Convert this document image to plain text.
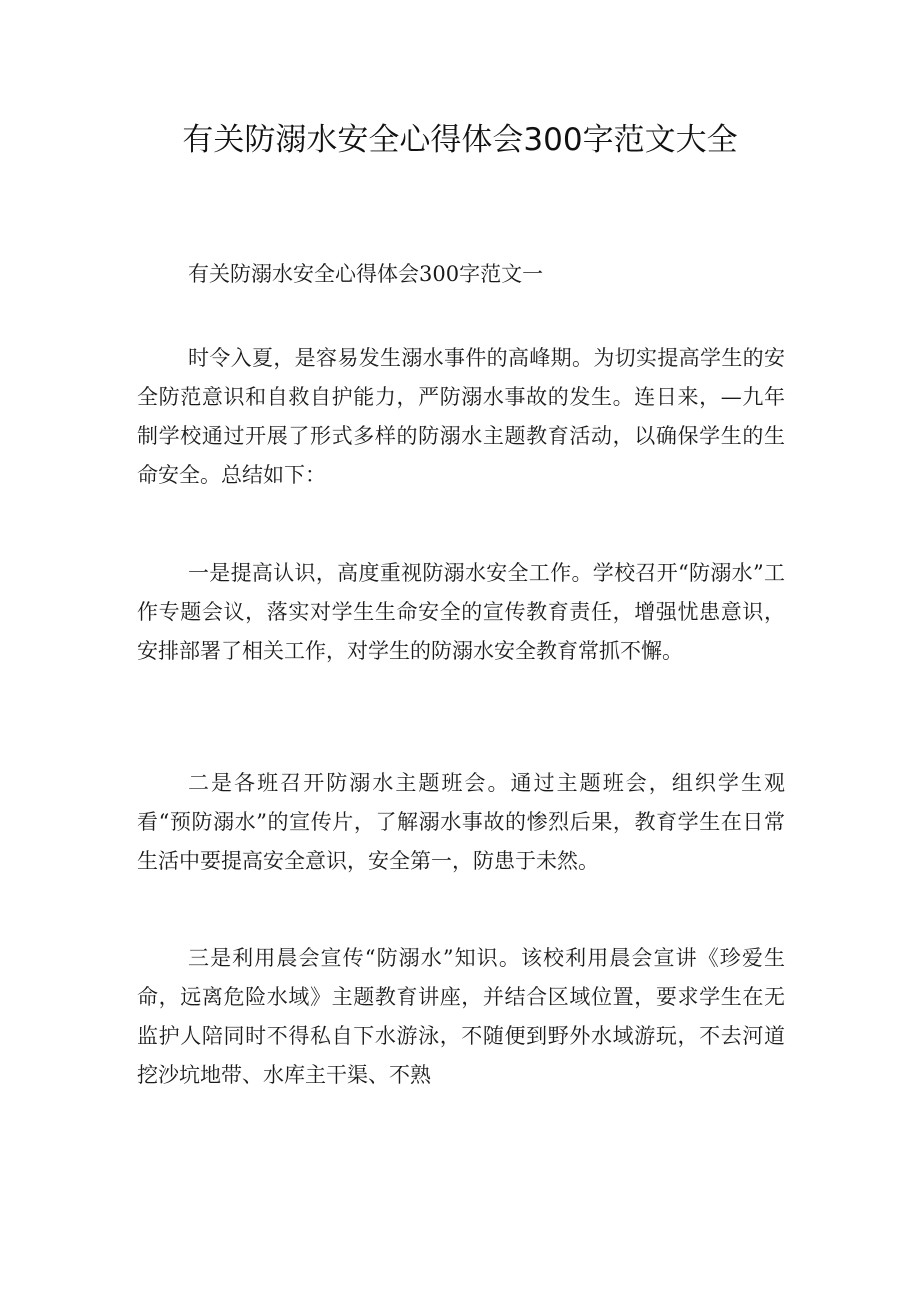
有关防溺水安全心得体会300字范文大全
有关防溺水安全心得体会300字范文一

时令入夏，是容易发生溺水事件的高峰期。为切实提高学生的安全防范意识和自救自护能力，严防溺水事故的发生。连日来，—九年制学校通过开展了形式多样的防溺水主题教育活动，以确保学生的生命安全。总结如下：

一是提高认识，高度重视防溺水安全工作。学校召开“防溺水”工作专题会议，落实对学生生命安全的宣传教育责任，增强忧患意识，安排部署了相关工作，对学生的防溺水安全教育常抓不懈。

二是各班召开防溺水主题班会。通过主题班会，组织学生观看“预防溺水”的宣传片，了解溺水事故的惨烈后果，教育学生在日常生活中要提高安全意识，安全第一，防患于未然。

三是利用晨会宣传“防溺水”知识。该校利用晨会宣讲《珍爱生命，远离危险水域》主题教育讲座，并结合区域位置，要求学生在无监护人陪同时不得私自下水游泳，不随便到野外水域游玩，不去河道挖沙坑地带、水库主干渠、不熟
